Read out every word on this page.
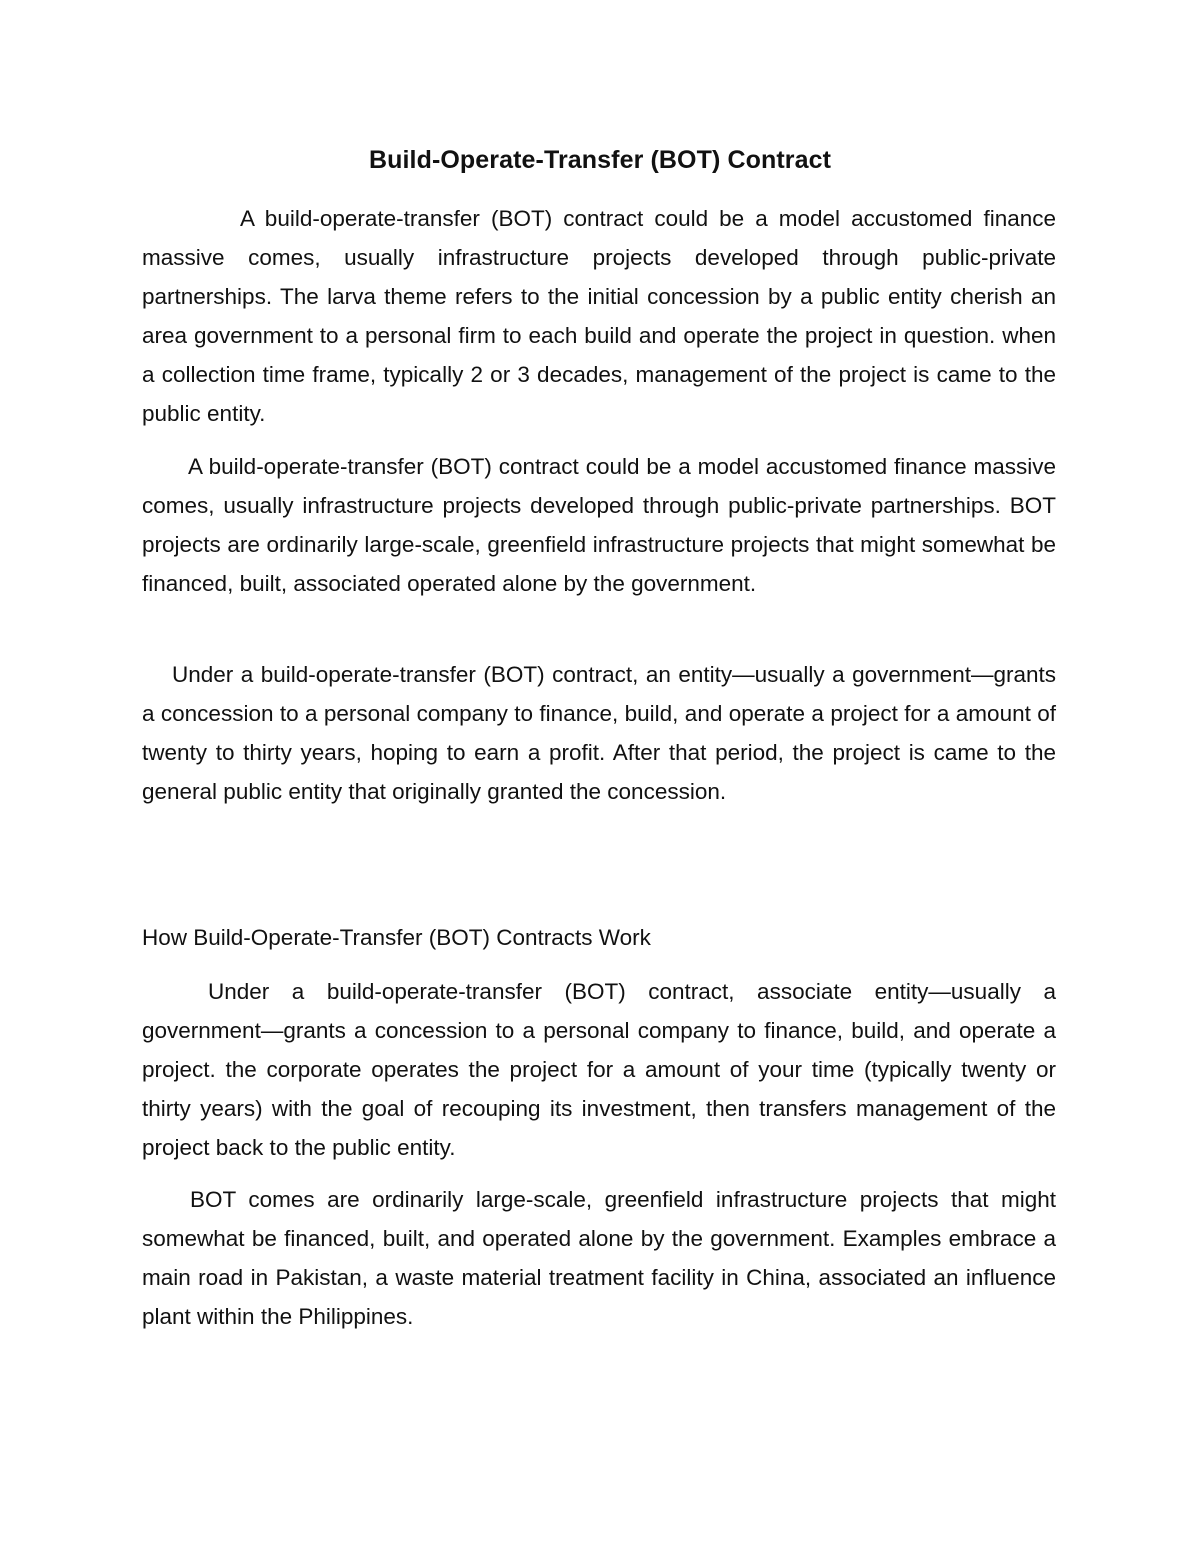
Build-Operate-Transfer (BOT) Contract

A build-operate-transfer (BOT) contract could be a model accustomed finance massive comes, usually infrastructure projects developed through public-private partnerships. The larva theme refers to the initial concession by a public entity cherish an area government to a personal firm to each build and operate the project in question. when a collection time frame, typically 2 or 3 decades, management of the project is came to the public entity.

A build-operate-transfer (BOT) contract could be a model accustomed finance massive comes, usually infrastructure projects developed through public-private partnerships. BOT projects are ordinarily large-scale, greenfield infrastructure projects that might somewhat be financed, built, associated operated alone by the government.

Under a build-operate-transfer (BOT) contract, an entity—usually a government—grants a concession to a personal company to finance, build, and operate a project for a amount of twenty to thirty years, hoping to earn a profit. After that period, the project is came to the general public entity that originally granted the concession.

How Build-Operate-Transfer (BOT) Contracts Work

Under a build-operate-transfer (BOT) contract, associate entity—usually a government—grants a concession to a personal company to finance, build, and operate a project. the corporate operates the project for a amount of your time (typically twenty or thirty years) with the goal of recouping its investment, then transfers management of the project back to the public entity.

BOT comes are ordinarily large-scale, greenfield infrastructure projects that might somewhat be financed, built, and operated alone by the government. Examples embrace a main road in Pakistan, a waste material treatment facility in China, associated an influence plant within the Philippines.
